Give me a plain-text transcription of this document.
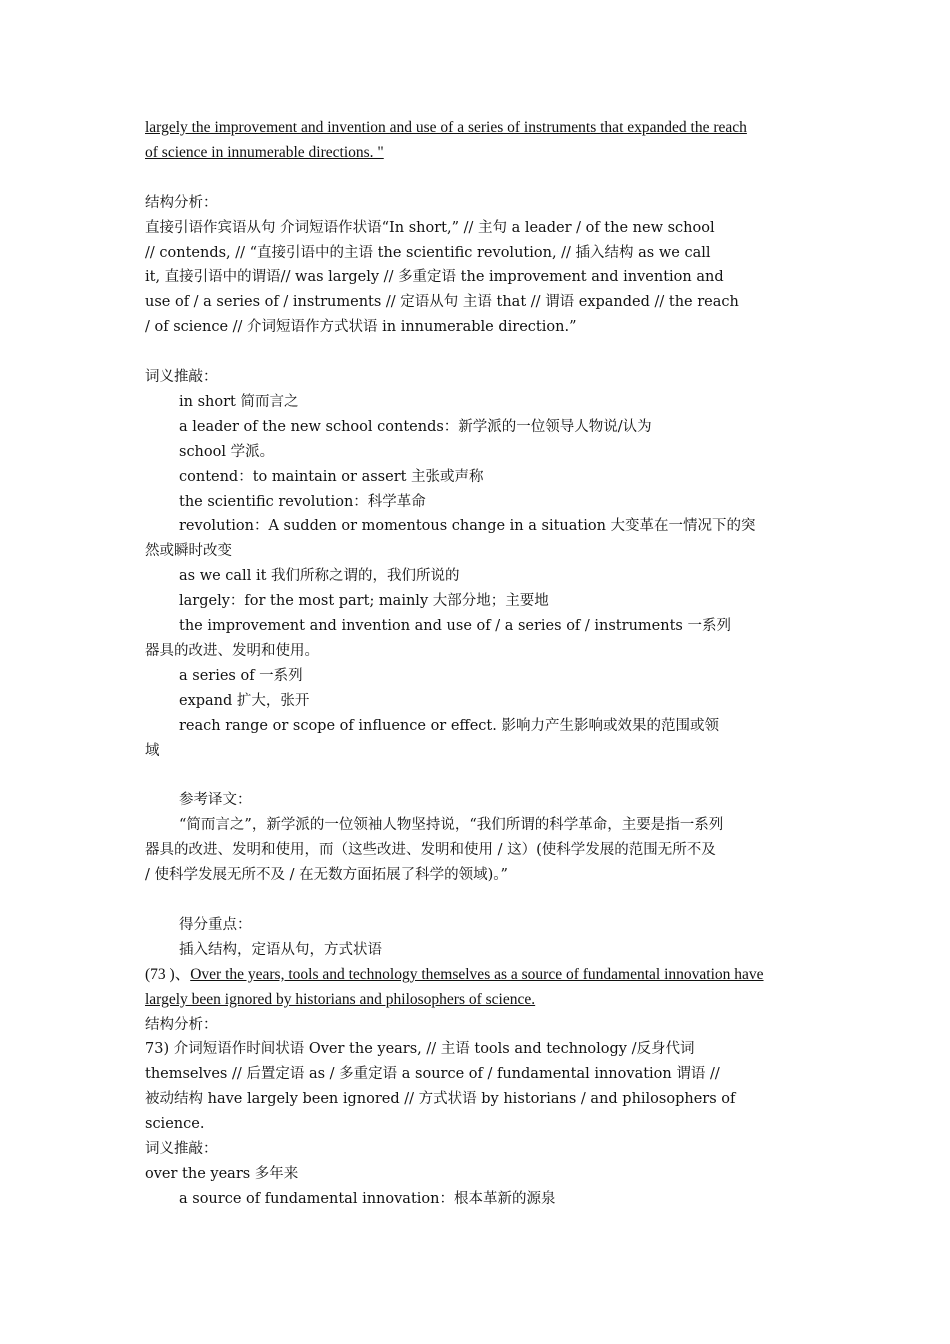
largely the improvement and invention and use of a series of instruments that expanded the reach
of science in innumerable directions. "
结构分析：
直接引语作宾语从句 介词短语作状语“In short,” // 主句 a leader / of the new school
// contends, // “直接引语中的主语 the scientific revolution, // 插入结构 as we call
it, 直接引语中的谓语// was largely // 多重定语 the improvement and invention and
use of / a series of / instruments // 定语从句 主语 that // 谓语 expanded // the reach
/ of science // 介词短语作方式状语 in innumerable direction.”
词义推敲：
in short 简而言之
a leader of the new school contends：新学派的一位领导人物说/认为
school 学派。
contend：to maintain or assert 主张或声称
the scientific revolution：科学革命
revolution：A sudden or momentous change in a situation 大变革在一情况下的突
然或瞬时改变
as we call it 我们所称之谓的，我们所说的
largely：for the most part; mainly 大部分地；主要地
the improvement and invention and use of / a series of / instruments 一系列
器具的改进、发明和使用。
a series of 一系列
expand 扩大，张开
reach range or scope of influence or effect. 影响力产生影响或效果的范围或领
域
参考译文：
“简而言之”，新学派的一位领袖人物坚持说，“我们所谓的科学革命，主要是指一系列
器具的改进、发明和使用，而（这些改进、发明和使用 / 这）(使科学发展的范围无所不及
/ 使科学发展无所不及 / 在无数方面拓展了科学的领域)。”
得分重点：
插入结构，定语从句，方式状语
(73 )、Over the years, tools and technology themselves as a source of fundamental innovation have
largely been ignored by historians and philosophers of science.
结构分析：
73) 介词短语作时间状语 Over the years, // 主语 tools and technology /反身代词
themselves // 后置定语 as / 多重定语 a source of / fundamental innovation 谓语 //
被动结构 have largely been ignored // 方式状语 by historians / and philosophers of
science.
词义推敲：
over the years 多年来
a source of fundamental innovation：根本革新的源泉
